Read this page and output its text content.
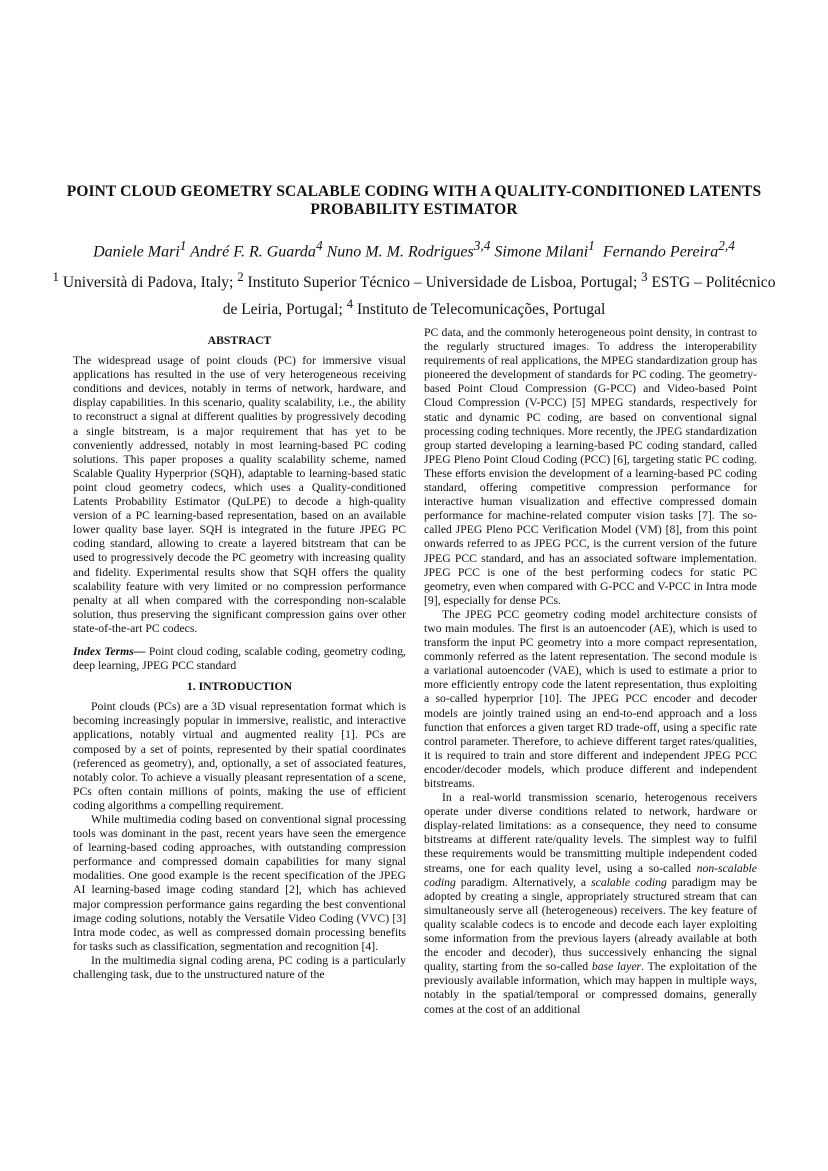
POINT CLOUD GEOMETRY SCALABLE CODING WITH A QUALITY-CONDITIONED LATENTS PROBABILITY ESTIMATOR
Daniele Mari$^1$ André F. R. Guarda$^4$ Nuno M. M. Rodrigues$^{3,4}$ Simone Milani$^1$ Fernando Pereira$^{2,4}$
$^1$ Università di Padova, Italy; $^2$ Instituto Superior Técnico – Universidade de Lisboa, Portugal; $^3$ ESTG – Politécnico de Leiria, Portugal; $^4$ Instituto de Telecomunicações, Portugal

ABSTRACT

The widespread usage of point clouds (PC) for immersive visual applications has resulted in the use of very heterogeneous receiving conditions and devices, notably in terms of network, hardware, and display capabilities. In this scenario, quality scalability, i.e., the ability to reconstruct a signal at different qualities by progressively decoding a single bitstream, is a major requirement that has yet to be conveniently addressed, notably in most learning-based PC coding solutions. This paper proposes a quality scalability scheme, named Scalable Quality Hyperprior (SQH), adaptable to learning-based static point cloud geometry codecs, which uses a Quality-conditioned Latents Probability Estimator (QuLPE) to decode a high-quality version of a PC learning-based representation, based on an available lower quality base layer. SQH is integrated in the future JPEG PC coding standard, allowing to create a layered bitstream that can be used to progressively decode the PC geometry with increasing quality and fidelity. Experimental results show that SQH offers the quality scalability feature with very limited or no compression performance penalty at all when compared with the corresponding non-scalable solution, thus preserving the significant compression gains over other state-of-the-art PC codecs.

Index Terms— Point cloud coding, scalable coding, geometry coding, deep learning, JPEG PCC standard

1. INTRODUCTION

Point clouds (PCs) are a 3D visual representation format which is becoming increasingly popular in immersive, realistic, and interactive applications, notably virtual and augmented reality [1]. PCs are composed by a set of points, represented by their spatial coordinates (referenced as geometry), and, optionally, a set of associated features, notably color. To achieve a visually pleasant representation of a scene, PCs often contain millions of points, making the use of efficient coding algorithms a compelling requirement.

While multimedia coding based on conventional signal processing tools was dominant in the past, recent years have seen the emergence of learning-based coding approaches, with outstanding compression performance and compressed domain capabilities for many signal modalities. One good example is the recent specification of the JPEG AI learning-based image coding standard [2], which has achieved major compression performance gains regarding the best conventional image coding solutions, notably the Versatile Video Coding (VVC) [3] Intra mode codec, as well as compressed domain processing benefits for tasks such as classification, segmentation and recognition [4].

In the multimedia signal coding arena, PC coding is a particularly challenging task, due to the unstructured nature of the

PC data, and the commonly heterogeneous point density, in contrast to the regularly structured images. To address the interoperability requirements of real applications, the MPEG standardization group has pioneered the development of standards for PC coding. The geometry-based Point Cloud Compression (G-PCC) and Video-based Point Cloud Compression (V-PCC) [5] MPEG standards, respectively for static and dynamic PC coding, are based on conventional signal processing coding techniques. More recently, the JPEG standardization group started developing a learning-based PC coding standard, called JPEG Pleno Point Cloud Coding (PCC) [6], targeting static PC coding. These efforts envision the development of a learning-based PC coding standard, offering competitive compression performance for interactive human visualization and effective compressed domain performance for machine-related computer vision tasks [7]. The so-called JPEG Pleno PCC Verification Model (VM) [8], from this point onwards referred to as JPEG PCC, is the current version of the future JPEG PCC standard, and has an associated software implementation. JPEG PCC is one of the best performing codecs for static PC geometry, even when compared with G-PCC and V-PCC in Intra mode [9], especially for dense PCs.

The JPEG PCC geometry coding model architecture consists of two main modules. The first is an autoencoder (AE), which is used to transform the input PC geometry into a more compact representation, commonly referred as the latent representation. The second module is a variational autoencoder (VAE), which is used to estimate a prior to more efficiently entropy code the latent representation, thus exploiting a so-called hyperprior [10]. The JPEG PCC encoder and decoder models are jointly trained using an end-to-end approach and a loss function that enforces a given target RD trade-off, using a specific rate control parameter. Therefore, to achieve different target rates/qualities, it is required to train and store different and independent JPEG PCC encoder/decoder models, which produce different and independent bitstreams.

In a real-world transmission scenario, heterogenous receivers operate under diverse conditions related to network, hardware or display-related limitations: as a consequence, they need to consume bitstreams at different rate/quality levels. The simplest way to fulfil these requirements would be transmitting multiple independent coded streams, one for each quality level, using a so-called non-scalable coding paradigm. Alternatively, a scalable coding paradigm may be adopted by creating a single, appropriately structured stream that can simultaneously serve all (heterogeneous) receivers. The key feature of quality scalable codecs is to encode and decode each layer exploiting some information from the previous layers (already available at both the encoder and decoder), thus successively enhancing the signal quality, starting from the so-called base layer. The exploitation of the previously available information, which may happen in multiple ways, notably in the spatial/temporal or compressed domains, generally comes at the cost of an additional
